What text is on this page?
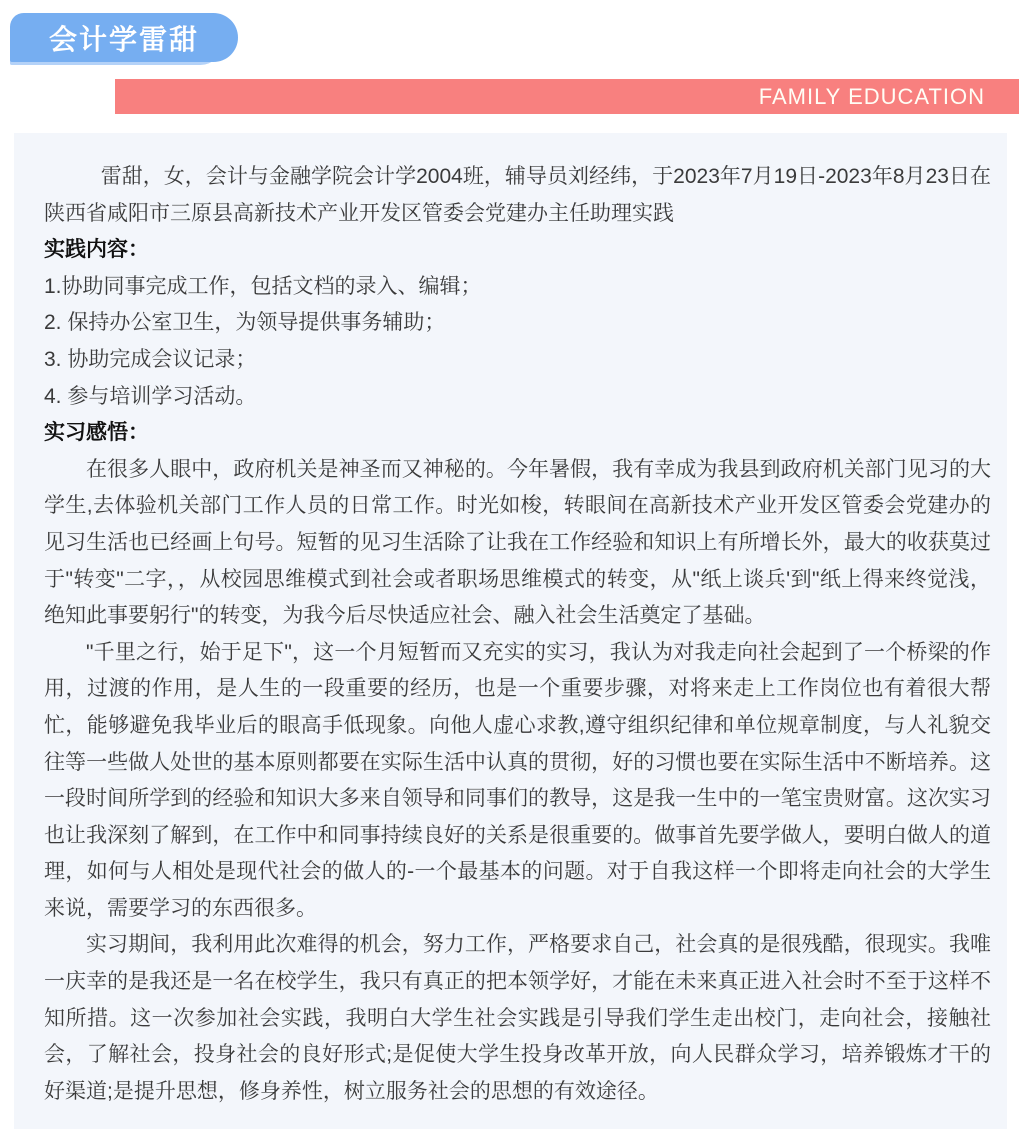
会计学雷甜
FAMILY EDUCATION

雷甜，女，会计与金融学院会计学2004班，辅导员刘经纬，于2023年7月19日-2023年8月23日在陕西省咸阳市三原县高新技术产业开发区管委会党建办主任助理实践

实践内容：

1.协助同事完成工作，包括文档的录入、编辑；

2. 保持办公室卫生，为领导提供事务辅助；

3. 协助完成会议记录；

4. 参与培训学习活动。

实习感悟：

在很多人眼中，政府机关是神圣而又神秘的。今年暑假，我有幸成为我县到政府机关部门见习的大学生,去体验机关部门工作人员的日常工作。时光如梭，转眼间在高新技术产业开发区管委会党建办的见习生活也已经画上句号。短暂的见习生活除了让我在工作经验和知识上有所增长外，最大的收获莫过于"转变"二字，，从校园思维模式到社会或者职场思维模式的转变，从"纸上谈兵'到"纸上得来终觉浅，绝知此事要躬行"的转变，为我今后尽快适应社会、融入社会生活奠定了基础。

"千里之行，始于足下"，这一个月短暂而又充实的实习，我认为对我走向社会起到了一个桥梁的作用，过渡的作用，是人生的一段重要的经历，也是一个重要步骤，对将来走上工作岗位也有着很大帮忙，能够避免我毕业后的眼高手低现象。向他人虚心求教,遵守组织纪律和单位规章制度，与人礼貌交往等一些做人处世的基本原则都要在实际生活中认真的贯彻，好的习惯也要在实际生活中不断培养。这一段时间所学到的经验和知识大多来自领导和同事们的教导，这是我一生中的一笔宝贵财富。这次实习也让我深刻了解到，在工作中和同事持续良好的关系是很重要的。做事首先要学做人，要明白做人的道理，如何与人相处是现代社会的做人的-一个最基本的问题。对于自我这样一个即将走向社会的大学生来说，需要学习的东西很多。

实习期间，我利用此次难得的机会，努力工作，严格要求自己，社会真的是很残酷，很现实。我唯一庆幸的是我还是一名在校学生，我只有真正的把本领学好，才能在未来真正进入社会时不至于这样不知所措。这一次参加社会实践，我明白大学生社会实践是引导我们学生走出校门，走向社会，接触社会，了解社会，投身社会的良好形式;是促使大学生投身改革开放，向人民群众学习，培养锻炼才干的好渠道;是提升思想，修身养性，树立服务社会的思想的有效途径。
